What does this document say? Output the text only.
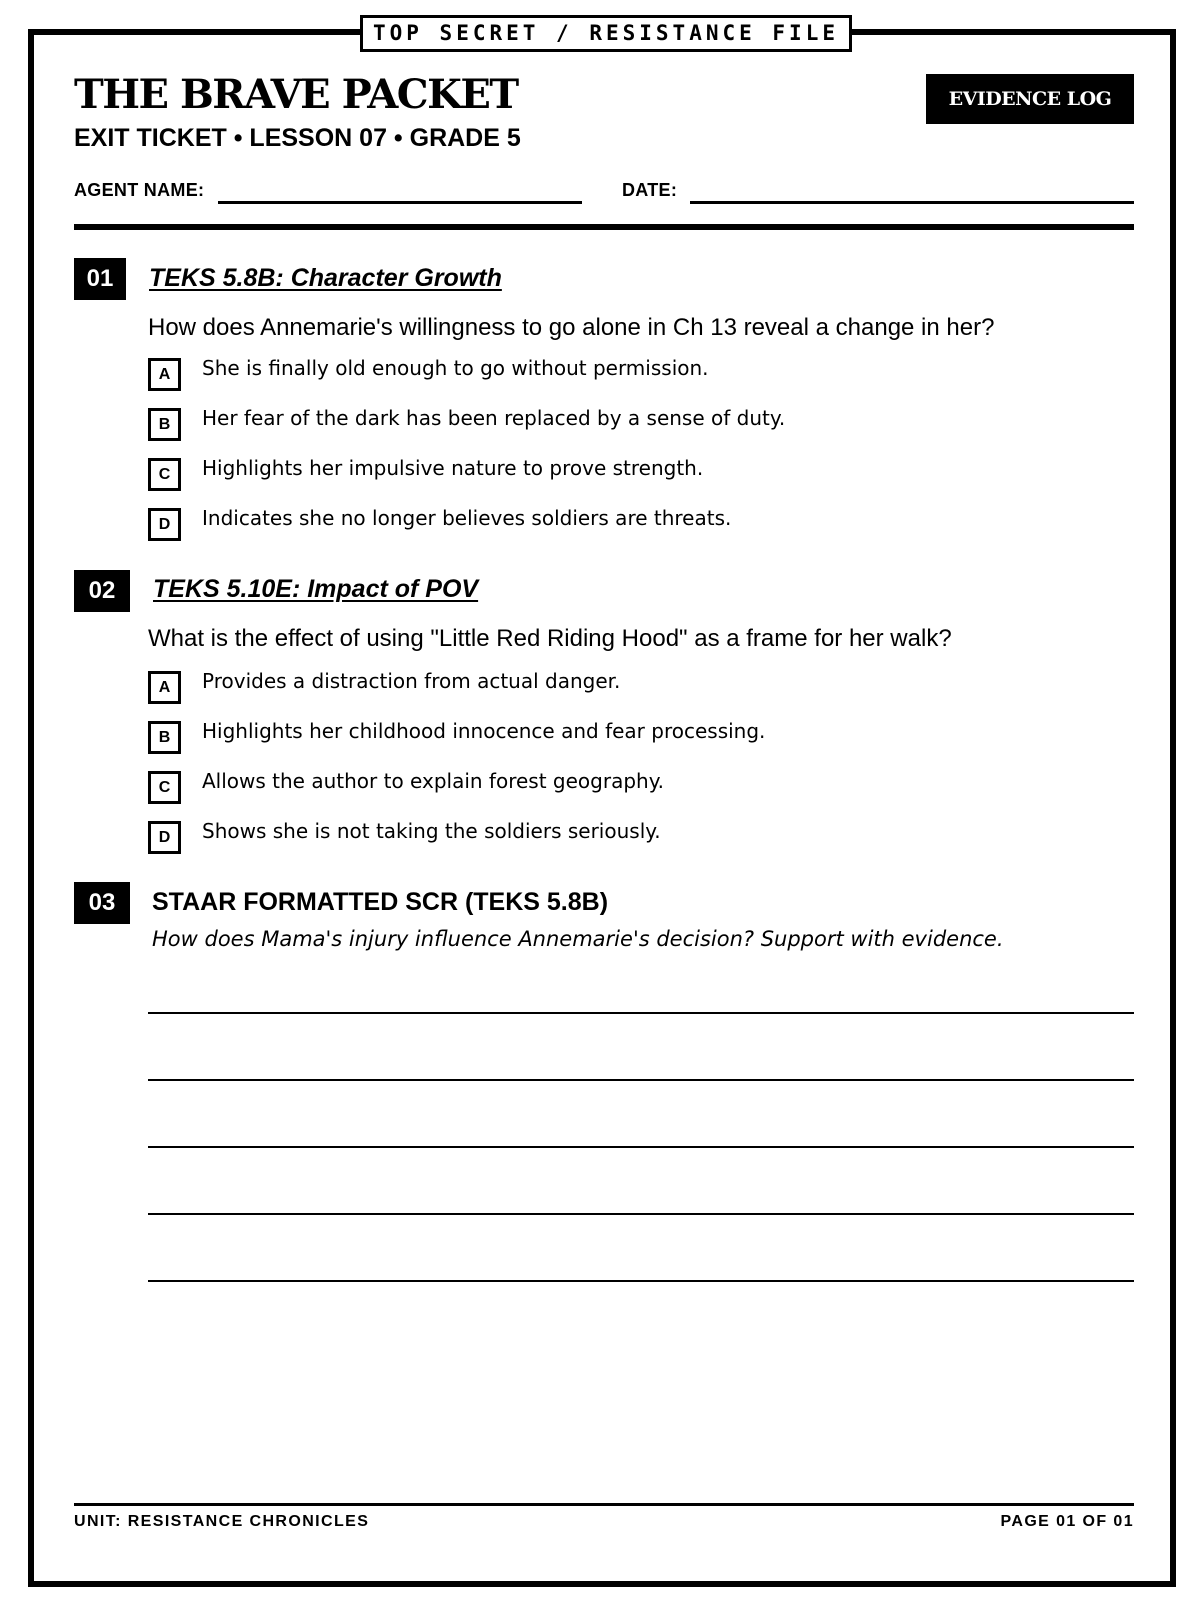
TOP SECRET / RESISTANCE FILE
THE BRAVE PACKET
EXIT TICKET • LESSON 07 • GRADE 5
EVIDENCE LOG
AGENT NAME:	DATE:
01	TEKS 5.8B: Character Growth
How does Annemarie's willingness to go alone in Ch 13 reveal a change in her?
A	She is finally old enough to go without permission.
B	Her fear of the dark has been replaced by a sense of duty.
C	Highlights her impulsive nature to prove strength.
D	Indicates she no longer believes soldiers are threats.
02	TEKS 5.10E: Impact of POV
What is the effect of using "Little Red Riding Hood" as a frame for her walk?
A	Provides a distraction from actual danger.
B	Highlights her childhood innocence and fear processing.
C	Allows the author to explain forest geography.
D	Shows she is not taking the soldiers seriously.
03	STAAR FORMATTED SCR (TEKS 5.8B)
How does Mama's injury influence Annemarie's decision? Support with evidence.
UNIT: RESISTANCE CHRONICLES	PAGE 01 OF 01
